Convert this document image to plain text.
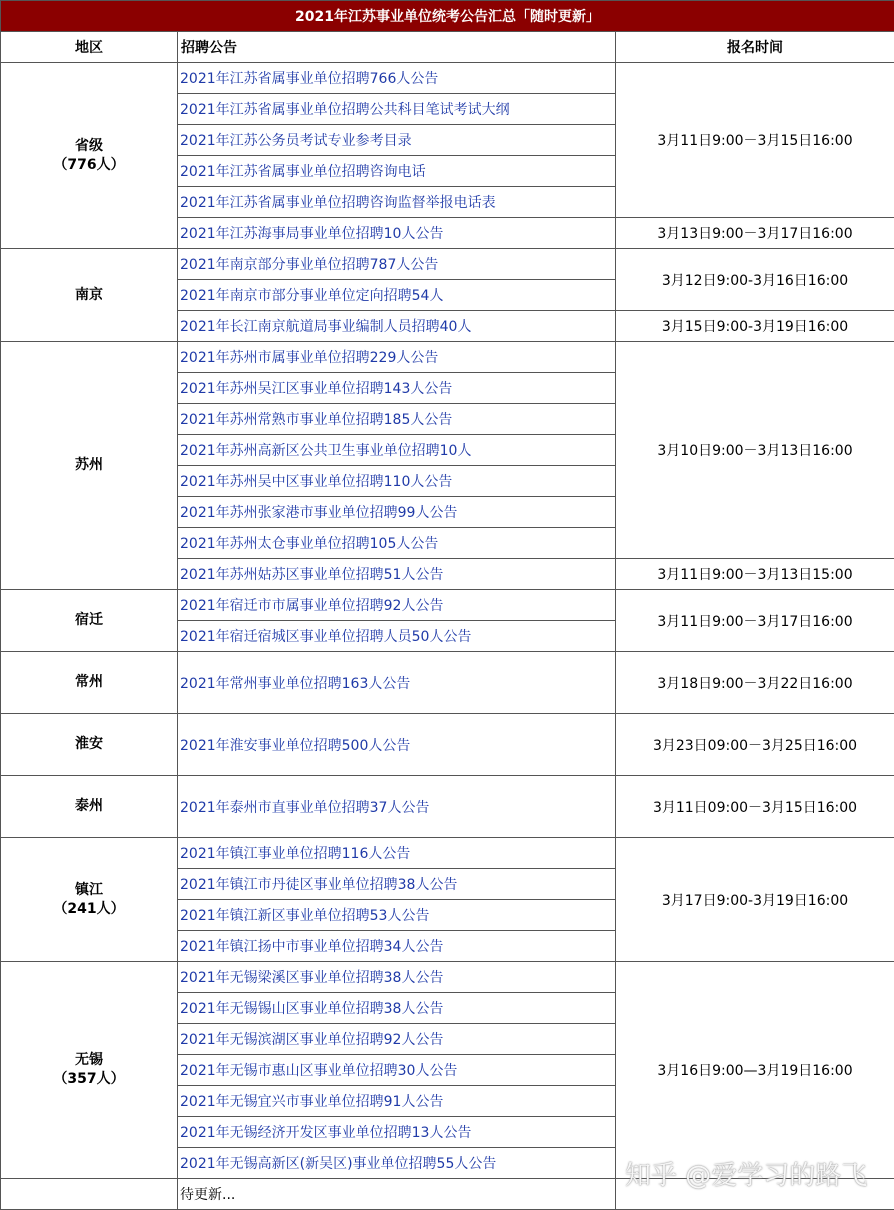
2021年江苏事业单位统考公告汇总「随时更新」		
地区	招聘公告	报名时间

省级
（776人）	2021年江苏省属事业单位招聘766人公告	3月11日9:00－3月15日16:00
	2021年江苏省属事业单位招聘公共科目笔试考试大纲	
	2021年江苏公务员考试专业参考目录	
	2021年江苏省属事业单位招聘咨询电话	
	2021年江苏省属事业单位招聘咨询监督举报电话表	
	2021年江苏海事局事业单位招聘10人公告	3月13日9:00－3月17日16:00

南京	2021年南京部分事业单位招聘787人公告	3月12日9:00-3月16日16:00
	2021年南京市部分事业单位定向招聘54人	
	2021年长江南京航道局事业编制人员招聘40人	3月15日9:00-3月19日16:00

苏州	2021年苏州市属事业单位招聘229人公告	3月10日9:00－3月13日16:00
	2021年苏州吴江区事业单位招聘143人公告	
	2021年苏州常熟市事业单位招聘185人公告	
	2021年苏州高新区公共卫生事业单位招聘10人	
	2021年苏州吴中区事业单位招聘110人公告	
	2021年苏州张家港市事业单位招聘99人公告	
	2021年苏州太仓事业单位招聘105人公告	
	2021年苏州姑苏区事业单位招聘51人公告	3月11日9:00－3月13日15:00

宿迁	2021年宿迁市市属事业单位招聘92人公告	3月11日9:00－3月17日16:00
	2021年宿迁宿城区事业单位招聘人员50人公告	

常州	2021年常州事业单位招聘163人公告	3月18日9:00－3月22日16:00

淮安	2021年淮安事业单位招聘500人公告	3月23日09:00－3月25日16:00

泰州	2021年泰州市直事业单位招聘37人公告	3月11日09:00－3月15日16:00

镇江
（241人）	2021年镇江事业单位招聘116人公告	3月17日9:00-3月19日16:00
	2021年镇江市丹徒区事业单位招聘38人公告	
	2021年镇江新区事业单位招聘53人公告	
	2021年镇江扬中市事业单位招聘34人公告	

无锡
（357人）	2021年无锡梁溪区事业单位招聘38人公告	3月16日9:00—3月19日16:00
	2021年无锡锡山区事业单位招聘38人公告	
	2021年无锡滨湖区事业单位招聘92人公告	
	2021年无锡市惠山区事业单位招聘30人公告	
	2021年无锡宜兴市事业单位招聘91人公告	
	2021年无锡经济开发区事业单位招聘13人公告	
	2021年无锡高新区(新吴区)事业单位招聘55人公告	
	待更新...	
知乎 @爱学习的路飞
